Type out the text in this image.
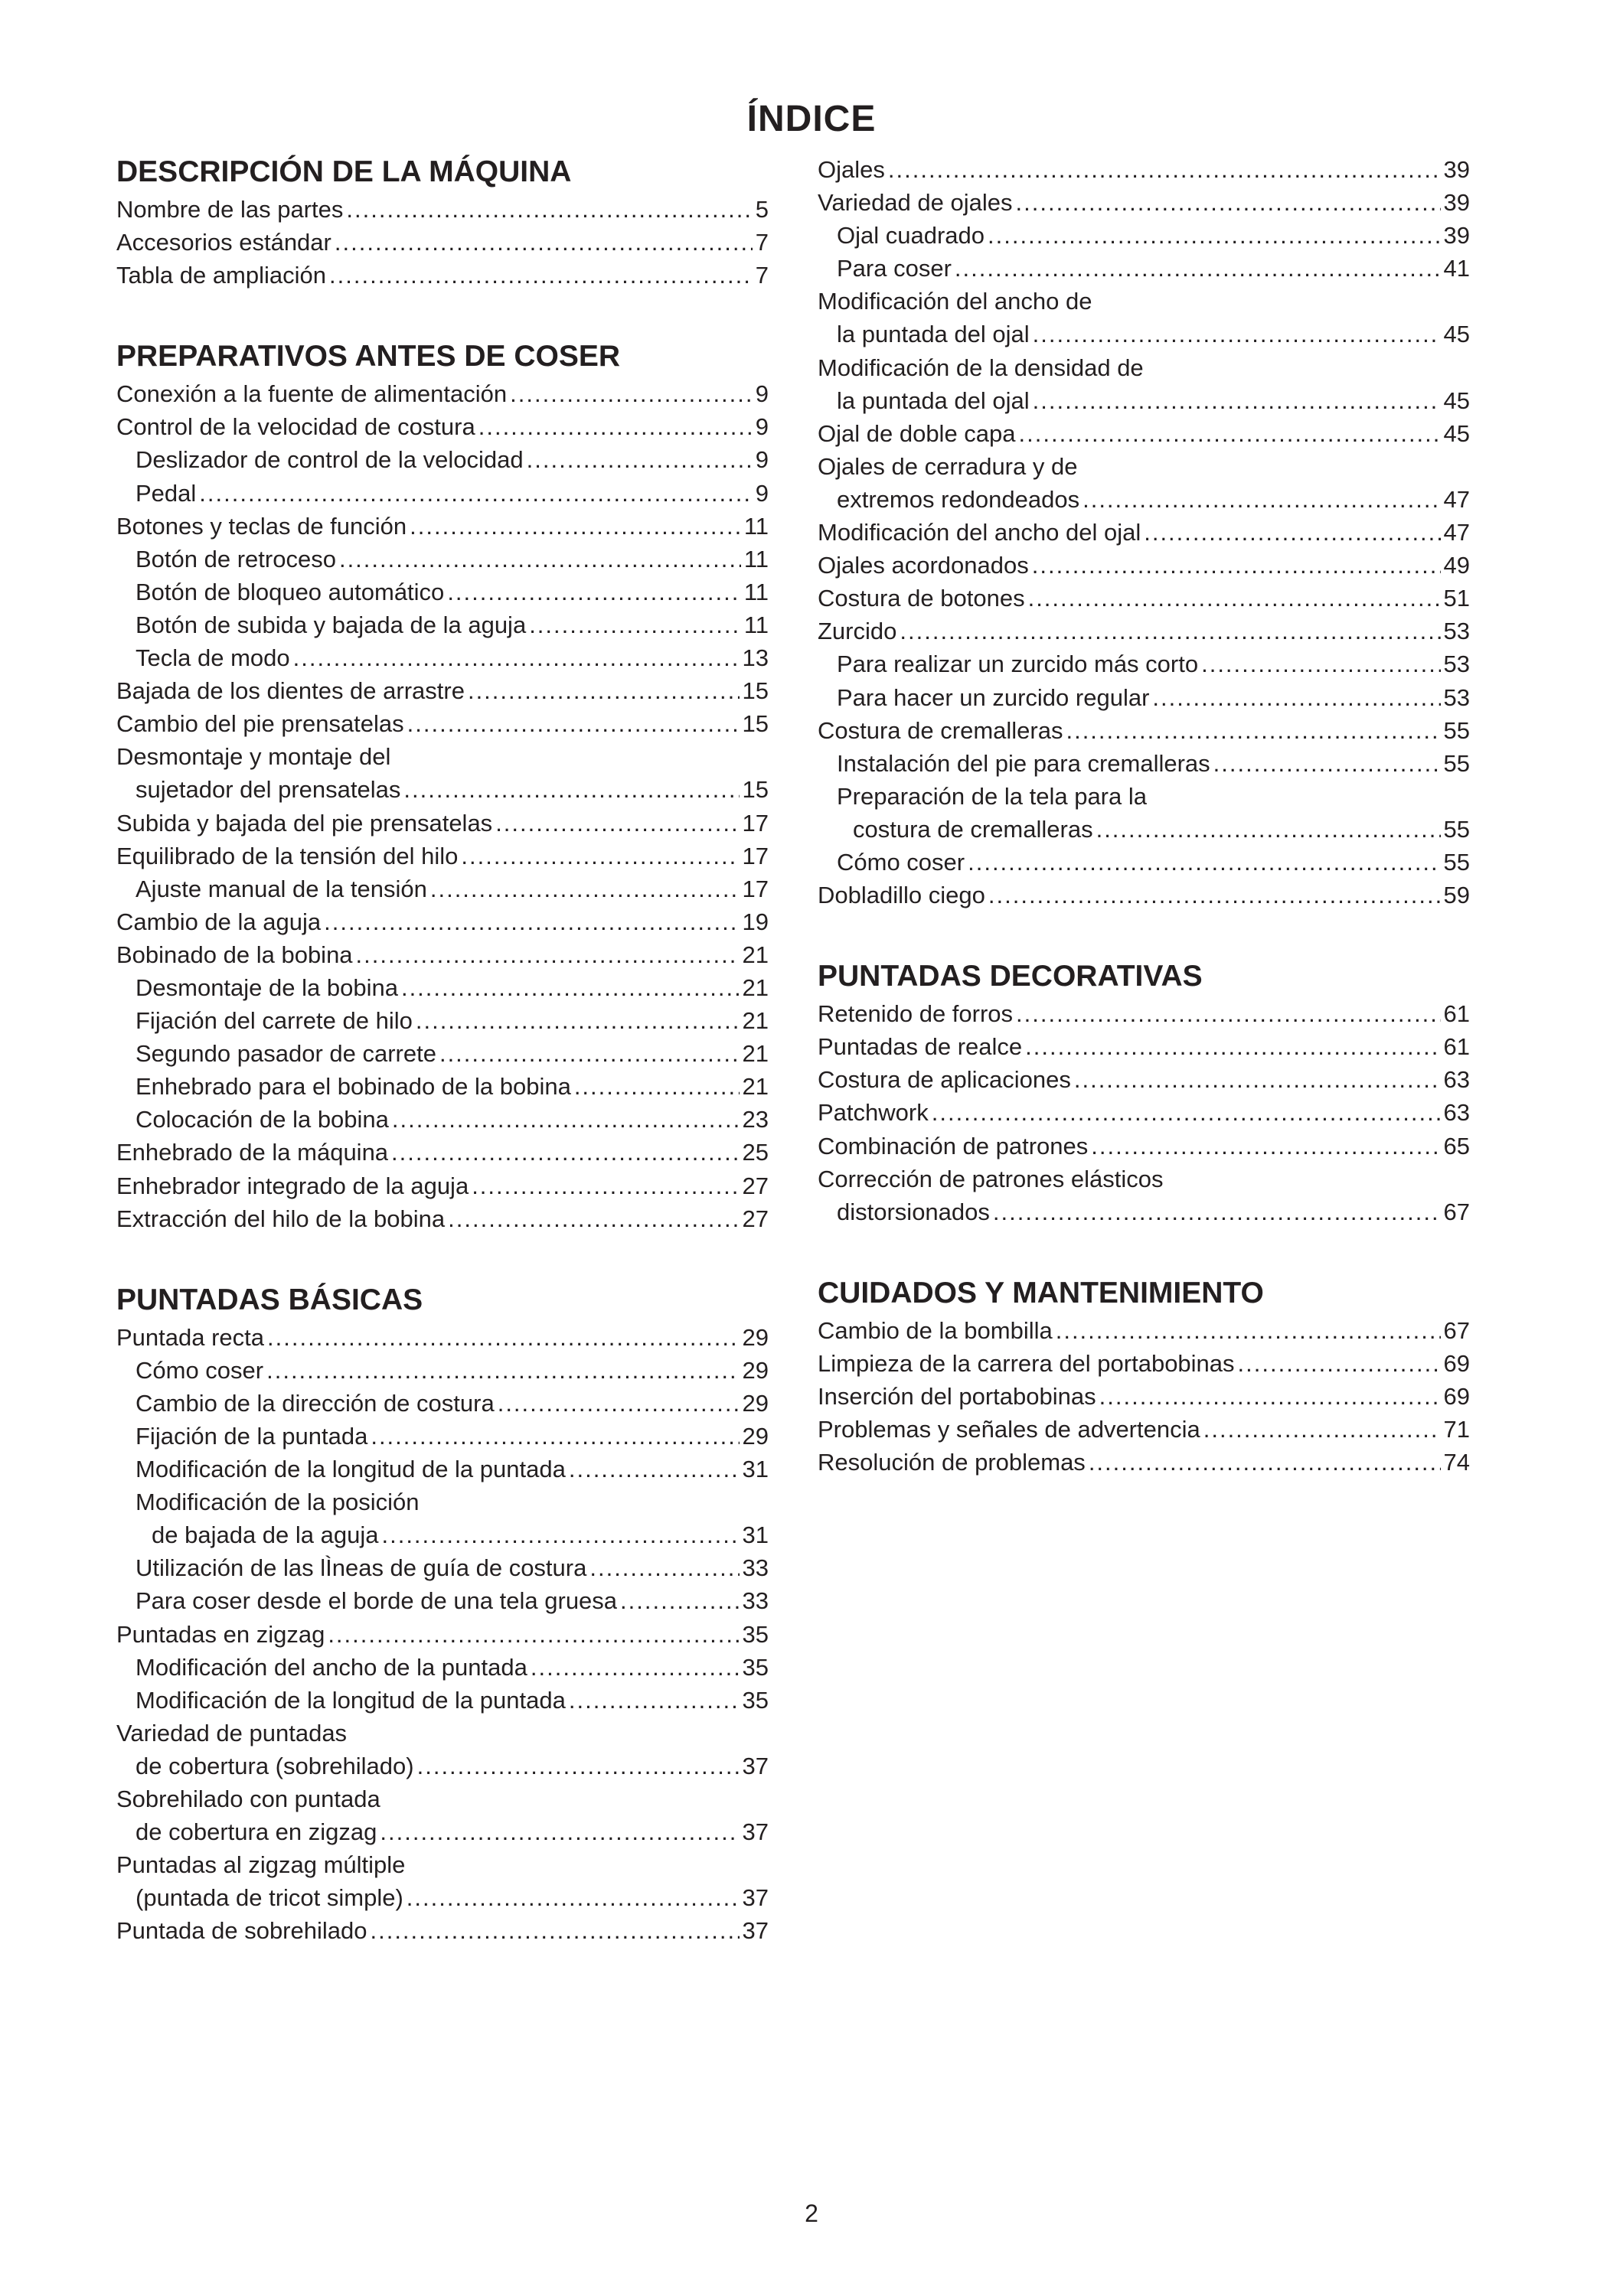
ÍNDICE
DESCRIPCIÓN DE LA MÁQUINA
Nombre de las partes .....	5
Accesorios estándar .....	7
Tabla de ampliación .....	7
PREPARATIVOS ANTES DE COSER
Conexión a la fuente de alimentación .....	9
Control de la velocidad de costura .....	9
Deslizador de control de la velocidad .....	9
Pedal .....	9
Botones y teclas de función .....	11
Botón de retroceso .....	11
Botón de bloqueo automático .....	11
Botón de subida y bajada de la aguja .....	11
Tecla de modo .....	13
Bajada de los dientes de arrastre .....	15
Cambio del pie prensatelas .....	15
Desmontaje y montaje del
sujetador del prensatelas .....	15
Subida y bajada del pie prensatelas .....	17
Equilibrado de la tensión del hilo .....	17
Ajuste manual de la tensión .....	17
Cambio de la aguja .....	19
Bobinado de la bobina .....	21
Desmontaje de la bobina .....	21
Fijación del carrete de hilo .....	21
Segundo pasador de carrete .....	21
Enhebrado para el bobinado de la bobina .....	21
Colocación de la bobina .....	23
Enhebrado de la máquina .....	25
Enhebrador integrado de la aguja .....	27
Extracción del hilo de la bobina .....	27
PUNTADAS BÁSICAS
Puntada recta .....	29
Cómo coser .....	29
Cambio de la dirección de costura .....	29
Fijación de la puntada .....	29
Modificación de la longitud de la puntada .....	31
Modificación de la posición
de bajada de la aguja .....	31
Utilización de las lÌneas de guía de costura .....	33
Para coser desde el borde de una tela gruesa .....	33
Puntadas en zigzag .....	35
Modificación del ancho de la puntada .....	35
Modificación de la longitud de la puntada .....	35
Variedad de puntadas
de cobertura (sobrehilado) .....	37
Sobrehilado con puntada
de cobertura en zigzag .....	37
Puntadas al zigzag múltiple
(puntada de tricot simple) .....	37
Puntada de sobrehilado .....	37
Ojales .....	39
Variedad de ojales .....	39
Ojal cuadrado .....	39
Para coser .....	41
Modificación del ancho de
la puntada del ojal .....	45
Modificación de la densidad de
la puntada del ojal .....	45
Ojal de doble capa .....	45
Ojales de cerradura y de
extremos redondeados .....	47
Modificación del ancho del ojal .....	47
Ojales acordonados .....	49
Costura de botones .....	51
Zurcido .....	53
Para realizar un zurcido más corto .....	53
Para hacer un zurcido regular .....	53
Costura de cremalleras .....	55
Instalación del pie para cremalleras .....	55
Preparación de la tela para la
costura de cremalleras .....	55
Cómo coser .....	55
Dobladillo ciego .....	59
PUNTADAS DECORATIVAS
Retenido de forros .....	61
Puntadas de realce .....	61
Costura de aplicaciones .....	63
Patchwork .....	63
Combinación de patrones .....	65
Corrección de patrones elásticos
distorsionados .....	67
CUIDADOS Y MANTENIMIENTO
Cambio de la bombilla .....	67
Limpieza de la carrera del portabobinas .....	69
Inserción del portabobinas .....	69
Problemas y señales de advertencia .....	71
Resolución de problemas .....	74
2
